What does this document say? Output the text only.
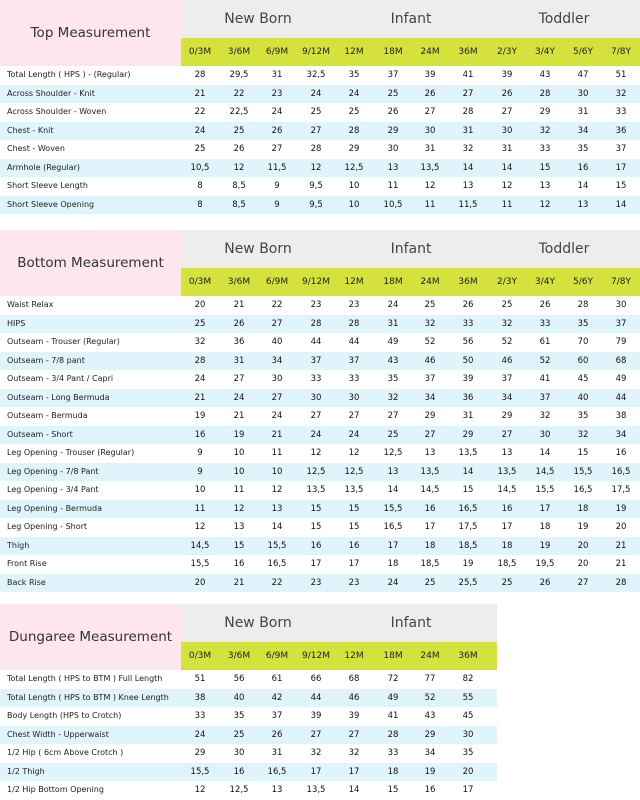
Top Measurement
New Born	Infant	Toddler
0/3M	3/6M	6/9M	9/12M	12M	18M	24M	36M	2/3Y	3/4Y	5/6Y	7/8Y
Total Length ( HPS ) - (Regular)	28	29,5	31	32,5	35	37	39	41	39	43	47	51
Across Shoulder - Knit	21	22	23	24	24	25	26	27	26	28	30	32
Across Shoulder - Woven	22	22,5	24	25	25	26	27	28	27	29	31	33
Chest - Knit	24	25	26	27	28	29	30	31	30	32	34	36
Chest - Woven	25	26	27	28	29	30	31	32	31	33	35	37
Armhole (Regular)	10,5	12	11,5	12	12,5	13	13,5	14	14	15	16	17
Short Sleeve Length	8	8,5	9	9,5	10	11	12	13	12	13	14	15
Short Sleeve Opening	8	8,5	9	9,5	10	10,5	11	11,5	11	12	13	14
Bottom Measurement
New Born	Infant	Toddler
0/3M	3/6M	6/9M	9/12M	12M	18M	24M	36M	2/3Y	3/4Y	5/6Y	7/8Y
Waist Relax	20	21	22	23	23	24	25	26	25	26	28	30
HIPS	25	26	27	28	28	31	32	33	32	33	35	37
Outseam - Trouser (Regular)	32	36	40	44	44	49	52	56	52	61	70	79
Outseam - 7/8 pant	28	31	34	37	37	43	46	50	46	52	60	68
Outseam - 3/4 Pant / Capri	24	27	30	33	33	35	37	39	37	41	45	49
Outseam - Long Bermuda	21	24	27	30	30	32	34	36	34	37	40	44
Outseam - Bermuda	19	21	24	27	27	27	29	31	29	32	35	38
Outseam - Short	16	19	21	24	24	25	27	29	27	30	32	34
Leg Opening - Trouser (Regular)	9	10	11	12	12	12,5	13	13,5	13	14	15	16
Leg Opening - 7/8 Pant	9	10	10	12,5	12,5	13	13,5	14	13,5	14,5	15,5	16,5
Leg Opening - 3/4 Pant	10	11	12	13,5	13,5	14	14,5	15	14,5	15,5	16,5	17,5
Leg Opening - Bermuda	11	12	13	15	15	15,5	16	16,5	16	17	18	19
Leg Opening - Short	12	13	14	15	15	16,5	17	17,5	17	18	19	20
Thigh	14,5	15	15,5	16	16	17	18	18,5	18	19	20	21
Front Rise	15,5	16	16,5	17	17	18	18,5	19	18,5	19,5	20	21
Back Rise	20	21	22	23	23	24	25	25,5	25	26	27	28
Dungaree Measurement
New Born	Infant
0/3M	3/6M	6/9M	9/12M	12M	18M	24M	36M
Total Length ( HPS to BTM ) Full Length	51	56	61	66	68	72	77	82
Total Length ( HPS to BTM ) Knee Length	38	40	42	44	46	49	52	55
Body Length (HPS to Crotch)	33	35	37	39	39	41	43	45
Chest Width - Upperwaist	24	25	26	27	27	28	29	30
1/2 Hip ( 6cm Above Crotch )	29	30	31	32	32	33	34	35
1/2 Thigh	15,5	16	16,5	17	17	18	19	20
1/2 Hip Bottom Opening	12	12,5	13	13,5	14	15	16	17
